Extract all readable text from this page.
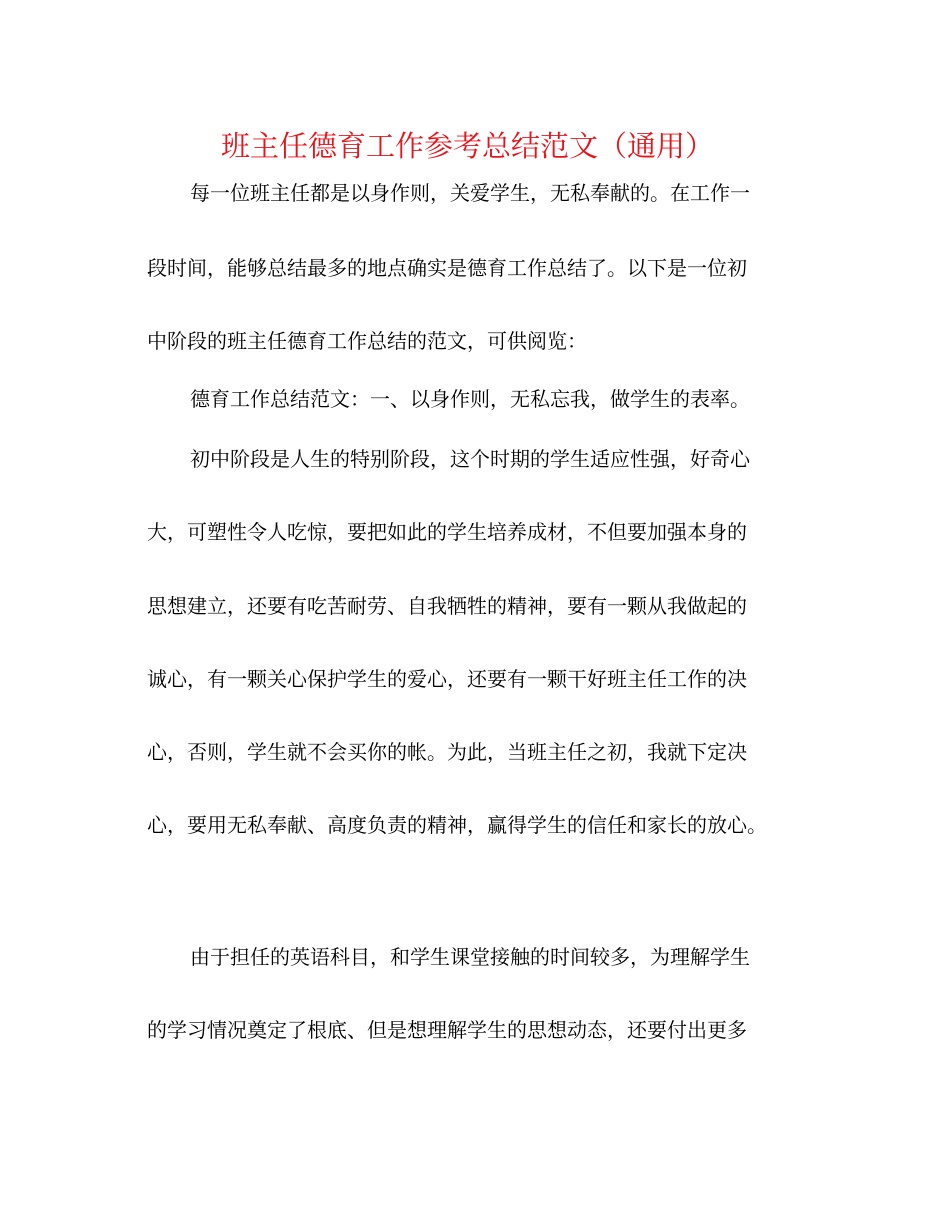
班主任德育工作参考总结范文（通用）
每一位班主任都是以身作则，关爱学生，无私奉献的。在工作一
段时间，能够总结最多的地点确实是德育工作总结了。以下是一位初
中阶段的班主任德育工作总结的范文，可供阅览：
德育工作总结范文：一、以身作则，无私忘我，做学生的表率。
初中阶段是人生的特别阶段，这个时期的学生适应性强，好奇心
大，可塑性令人吃惊，要把如此的学生培养成材，不但要加强本身的
思想建立，还要有吃苦耐劳、自我牺牲的精神，要有一颗从我做起的
诚心，有一颗关心保护学生的爱心，还要有一颗干好班主任工作的决
心，否则，学生就不会买你的帐。为此，当班主任之初，我就下定决
心，要用无私奉献、高度负责的精神，赢得学生的信任和家长的放心。
由于担任的英语科目，和学生课堂接触的时间较多，为理解学生
的学习情况奠定了根底、但是想理解学生的思想动态，还要付出更多
